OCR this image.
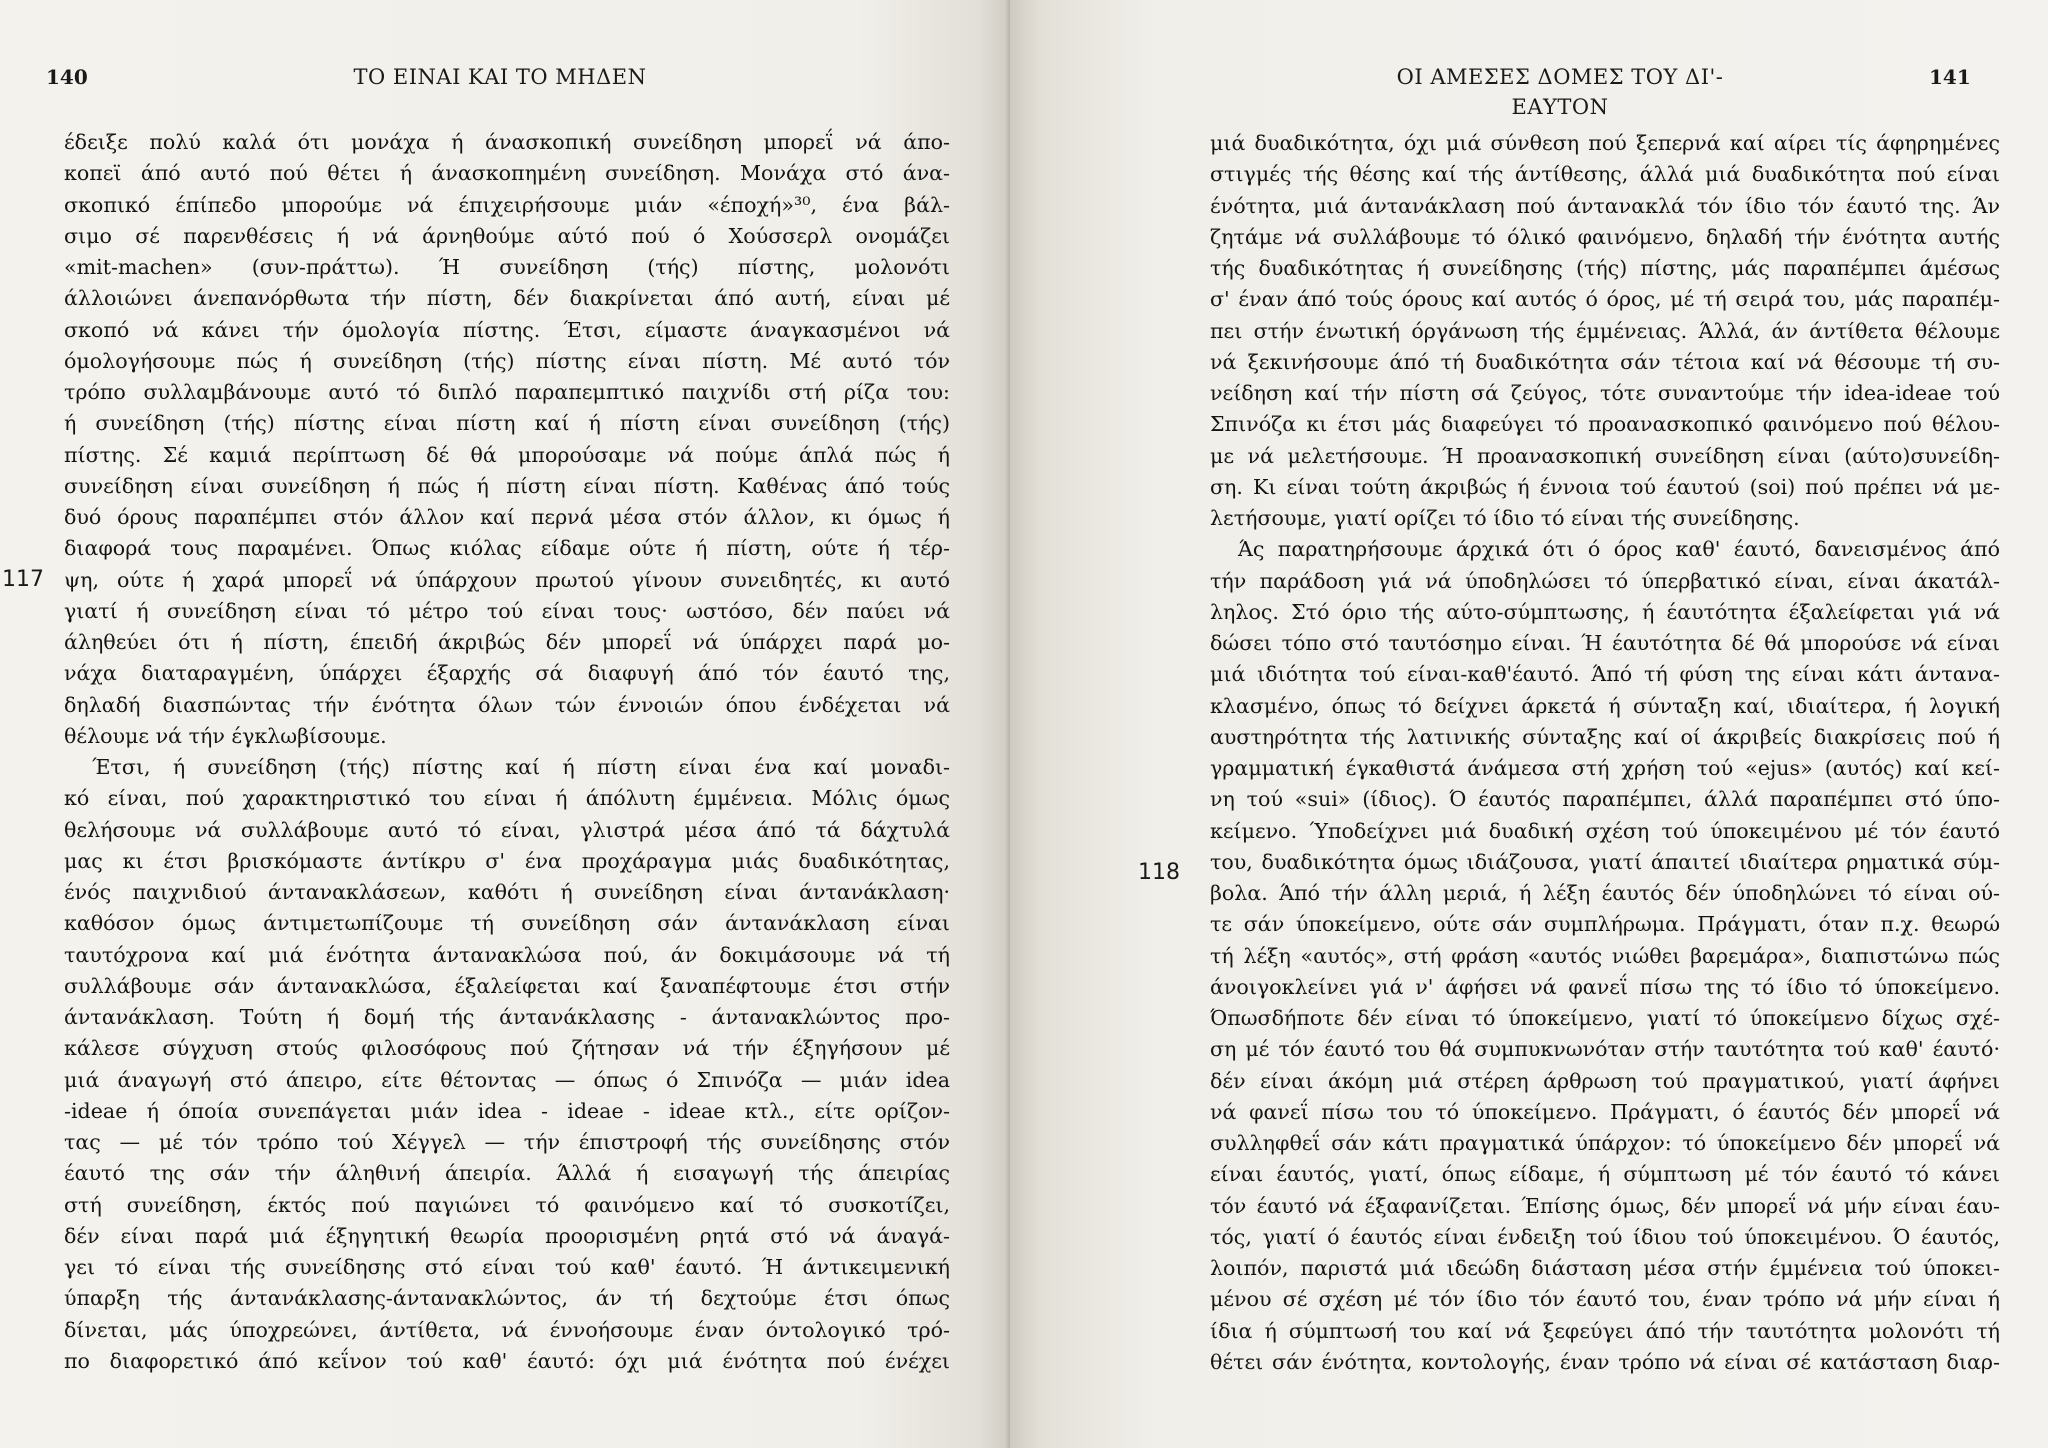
140	ΤΟ ΕΙΝΑΙ ΚΑΙ ΤΟ ΜΗΔΕΝ
117
έδειξε πολύ καλά ότι μονάχα ή άνασκοπική συνείδηση μπορεΐ νά άπο-
κοπεϊ άπό αυτό πού θέτει ή άνασκοπημένη συνείδηση. Μονάχα στό άνα-
σκοπικό έπίπεδο μπορούμε νά έπιχειρήσουμε μιάν «έποχή»³⁰, ένα βάλ-
σιμο σέ παρενθέσεις ή νά άρνηθούμε αύτό πού ό Χούσσερλ ονομάζει
«mit-machen» (συν-πράττω). Ή συνείδηση (τής) πίστης, μολονότι
άλλοιώνει άνεπανόρθωτα τήν πίστη, δέν διακρίνεται άπό αυτή, είναι μέ
σκοπό νά κάνει τήν όμολογία πίστης. Έτσι, είμαστε άναγκασμένοι νά
όμολογήσουμε πώς ή συνείδηση (τής) πίστης είναι πίστη. Μέ αυτό τόν
τρόπο συλλαμβάνουμε αυτό τό διπλό παραπεμπτικό παιχνίδι στή ρίζα του:
ή συνείδηση (τής) πίστης είναι πίστη καί ή πίστη είναι συνείδηση (τής)
πίστης. Σέ καμιά περίπτωση δέ θά μπορούσαμε νά πούμε άπλά πώς ή
συνείδηση είναι συνείδηση ή πώς ή πίστη είναι πίστη. Καθένας άπό τούς
δυό όρους παραπέμπει στόν άλλον καί περνά μέσα στόν άλλον, κι όμως ή
διαφορά τους παραμένει. Όπως κιόλας είδαμε ούτε ή πίστη, ούτε ή τέρ-
ψη, ούτε ή χαρά μπορεΐ νά ύπάρχουν πρωτού γίνουν συνειδητές, κι αυτό
γιατί ή συνείδηση είναι τό μέτρο τού είναι τους· ωστόσο, δέν παύει νά
άληθεύει ότι ή πίστη, έπειδή άκριβώς δέν μπορεΐ νά ύπάρχει παρά μο-
νάχα διαταραγμένη, ύπάρχει έξαρχής σά διαφυγή άπό τόν έαυτό της,
δηλαδή διασπώντας τήν ένότητα όλων τών έννοιών όπου ένδέχεται νά
θέλουμε νά τήν έγκλωβίσουμε.
Έτσι, ή συνείδηση (τής) πίστης καί ή πίστη είναι ένα καί μοναδι-
κό είναι, πού χαρακτηριστικό του είναι ή άπόλυτη έμμένεια. Μόλις όμως
θελήσουμε νά συλλάβουμε αυτό τό είναι, γλιστρά μέσα άπό τά δάχτυλά
μας κι έτσι βρισκόμαστε άντίκρυ σ' ένα προχάραγμα μιάς δυαδικότητας,
ένός παιχνιδιού άντανακλάσεων, καθότι ή συνείδηση είναι άντανάκλαση·
καθόσον όμως άντιμετωπίζουμε τή συνείδηση σάν άντανάκλαση είναι
ταυτόχρονα καί μιά ένότητα άντανακλώσα πού, άν δοκιμάσουμε νά τή
συλλάβουμε σάν άντανακλώσα, έξαλείφεται καί ξαναπέφτουμε έτσι στήν
άντανάκλαση. Τούτη ή δομή τής άντανάκλασης - άντανακλώντος προ-
κάλεσε σύγχυση στούς φιλοσόφους πού ζήτησαν νά τήν έξηγήσουν μέ
μιά άναγωγή στό άπειρο, είτε θέτοντας — όπως ό Σπινόζα — μιάν idea
-ideae ή όποία συνεπάγεται μιάν idea - ideae - ideae κτλ., είτε ορίζον-
τας — μέ τόν τρόπο τού Χέγγελ — τήν έπιστροφή τής συνείδησης στόν
έαυτό της σάν τήν άληθινή άπειρία. Άλλά ή εισαγωγή τής άπειρίας
στή συνείδηση, έκτός πού παγιώνει τό φαινόμενο καί τό συσκοτίζει,
δέν είναι παρά μιά έξηγητική θεωρία προορισμένη ρητά στό νά άναγά-
γει τό είναι τής συνείδησης στό είναι τού καθ' έαυτό. Ή άντικειμενική
ύπαρξη τής άντανάκλασης-άντανακλώντος, άν τή δεχτούμε έτσι όπως
δίνεται, μάς ύποχρεώνει, άντίθετα, νά έννοήσουμε έναν όντολογικό τρό-
πο διαφορετικό άπό κεΐνον τού καθ' έαυτό: όχι μιά ένότητα πού ένέχει
ΟΙ ΑΜΕΣΕΣ ΔΟΜΕΣ ΤΟΥ ΔΙ'-ΕΑΥΤΟΝ
141
118
μιά δυαδικότητα, όχι μιά σύνθεση πού ξεπερνά καί αίρει τίς άφηρημένες
στιγμές τής θέσης καί τής άντίθεσης, άλλά μιά δυαδικότητα πού είναι
ένότητα, μιά άντανάκλαση πού άντανακλά τόν ίδιο τόν έαυτό της. Άν
ζητάμε νά συλλάβουμε τό όλικό φαινόμενο, δηλαδή τήν ένότητα αυτής
τής δυαδικότητας ή συνείδησης (τής) πίστης, μάς παραπέμπει άμέσως
σ' έναν άπό τούς όρους καί αυτός ό όρος, μέ τή σειρά του, μάς παραπέμ-
πει στήν ένωτική όργάνωση τής έμμένειας. Άλλά, άν άντίθετα θέλουμε
νά ξεκινήσουμε άπό τή δυαδικότητα σάν τέτοια καί νά θέσουμε τή συ-
νείδηση καί τήν πίστη σά ζεύγος, τότε συναντούμε τήν idea-ideae τού
Σπινόζα κι έτσι μάς διαφεύγει τό προανασκοπικό φαινόμενο πού θέλου-
με νά μελετήσουμε. Ή προανασκοπική συνείδηση είναι (αύτο)συνείδη-
ση. Κι είναι τούτη άκριβώς ή έννοια τού έαυτού (soi) πού πρέπει νά με-
λετήσουμε, γιατί ορίζει τό ίδιο τό είναι τής συνείδησης.
Άς παρατηρήσουμε άρχικά ότι ό όρος καθ' έαυτό, δανεισμένος άπό
τήν παράδοση γιά νά ύποδηλώσει τό ύπερβατικό είναι, είναι άκατάλ-
ληλος. Στό όριο τής αύτο-σύμπτωσης, ή έαυτότητα έξαλείφεται γιά νά
δώσει τόπο στό ταυτόσημο είναι. Ή έαυτότητα δέ θά μπορούσε νά είναι
μιά ιδιότητα τού είναι-καθ'έαυτό. Άπό τή φύση της είναι κάτι άντανα-
κλασμένο, όπως τό δείχνει άρκετά ή σύνταξη καί, ιδιαίτερα, ή λογική
αυστηρότητα τής λατινικής σύνταξης καί οί άκριβείς διακρίσεις πού ή
γραμματική έγκαθιστά άνάμεσα στή χρήση τού «ejus» (αυτός) καί κεί-
νη τού «sui» (ίδιος). Ό έαυτός παραπέμπει, άλλά παραπέμπει στό ύπο-
κείμενο. Ύποδείχνει μιά δυαδική σχέση τού ύποκειμένου μέ τόν έαυτό
του, δυαδικότητα όμως ιδιάζουσα, γιατί άπαιτεί ιδιαίτερα ρηματικά σύμ-
βολα. Άπό τήν άλλη μεριά, ή λέξη έαυτός δέν ύποδηλώνει τό είναι ού-
τε σάν ύποκείμενο, ούτε σάν συμπλήρωμα. Πράγματι, όταν π.χ. θεωρώ
τή λέξη «αυτός», στή φράση «αυτός νιώθει βαρεμάρα», διαπιστώνω πώς
άνοιγοκλείνει γιά ν' άφήσει νά φανεΐ πίσω της τό ίδιο τό ύποκείμενο.
Όπωσδήποτε δέν είναι τό ύποκείμενο, γιατί τό ύποκείμενο δίχως σχέ-
ση μέ τόν έαυτό του θά συμπυκνωνόταν στήν ταυτότητα τού καθ' έαυτό·
δέν είναι άκόμη μιά στέρεη άρθρωση τού πραγματικού, γιατί άφήνει
νά φανεΐ πίσω του τό ύποκείμενο. Πράγματι, ό έαυτός δέν μπορεΐ νά
συλληφθεΐ σάν κάτι πραγματικά ύπάρχον: τό ύποκείμενο δέν μπορεΐ νά
είναι έαυτός, γιατί, όπως είδαμε, ή σύμπτωση μέ τόν έαυτό τό κάνει
τόν έαυτό νά έξαφανίζεται. Έπίσης όμως, δέν μπορεΐ νά μήν είναι έαυ-
τός, γιατί ό έαυτός είναι ένδειξη τού ίδιου τού ύποκειμένου. Ό έαυτός,
λοιπόν, παριστά μιά ιδεώδη διάσταση μέσα στήν έμμένεια τού ύποκει-
μένου σέ σχέση μέ τόν ίδιο τόν έαυτό του, έναν τρόπο νά μήν είναι ή
ίδια ή σύμπτωσή του καί νά ξεφεύγει άπό τήν ταυτότητα μολονότι τή
θέτει σάν ένότητα, κοντολογής, έναν τρόπο νά είναι σέ κατάσταση διαρ-
